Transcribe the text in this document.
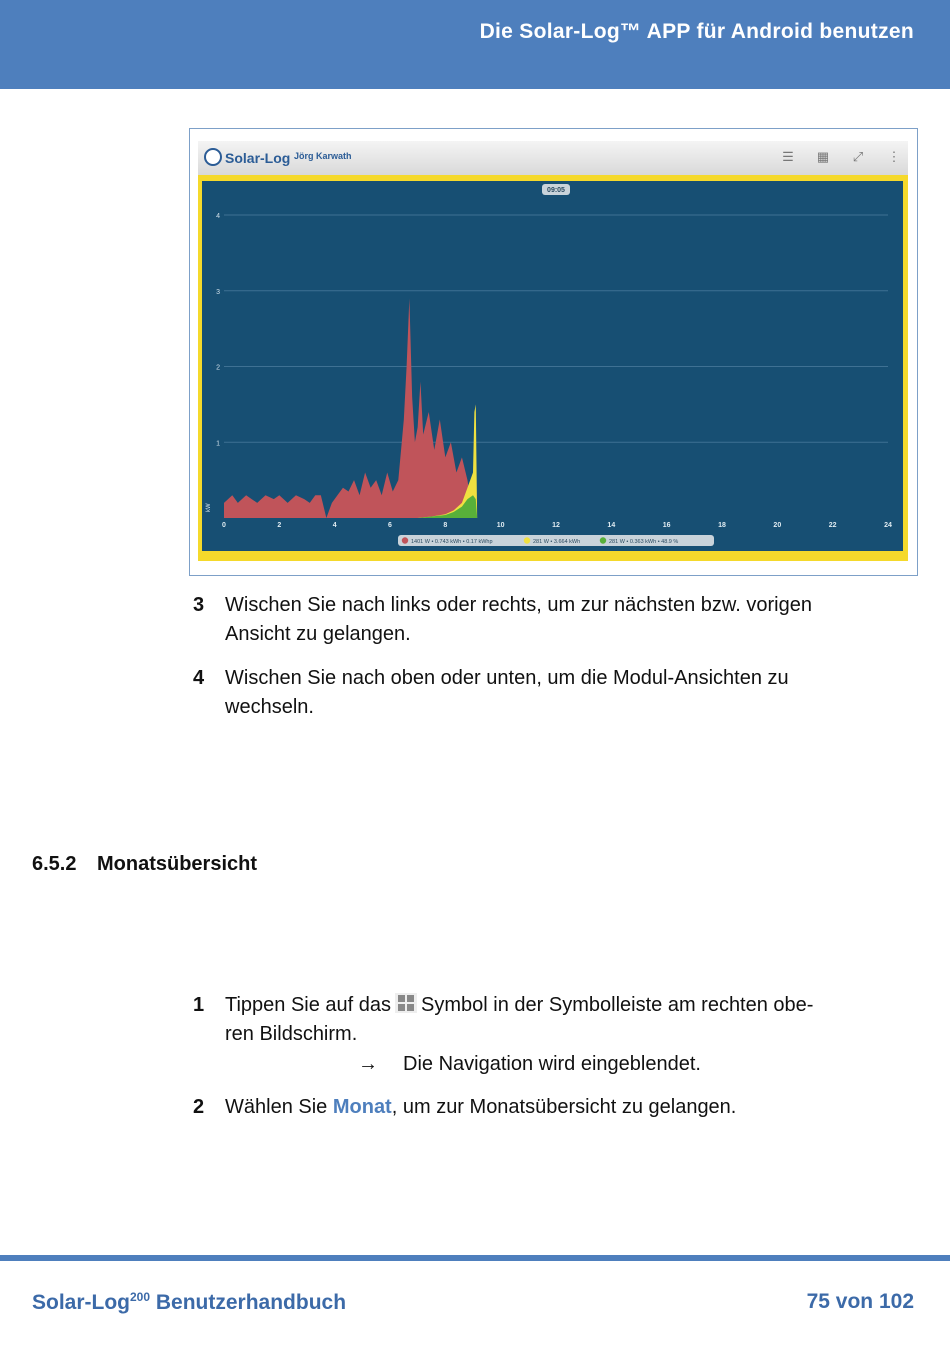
Die Solar-Log™ APP für Android benutzen
Solar-Log Jörg Karwath	☰ ▦ ⤢ ⋮
1
2
3
4
kW
0	2	4	6	8	10	12	14	16	18	20	22	24
09:05
1401 W • 0.743 kWh • 0.17 kWhp	281 W • 3.664 kWh	281 W • 0.363 kWh • 48.9 %
3 Wischen Sie nach links oder rechts, um zur nächsten bzw. vorigen
Ansicht zu gelangen.
4 Wischen Sie nach oben oder unten, um die Modul-Ansichten zu
wechseln.
6.5.2 Monatsübersicht
1 Tippen Sie auf das Symbol in der Symbolleiste am rechten obe-
ren Bildschirm.
→ Die Navigation wird eingeblendet.
2 Wählen Sie Monat, um zur Monatsübersicht zu gelangen.
Solar-Log$^{200}$ Benutzerhandbuch	75 von 102
